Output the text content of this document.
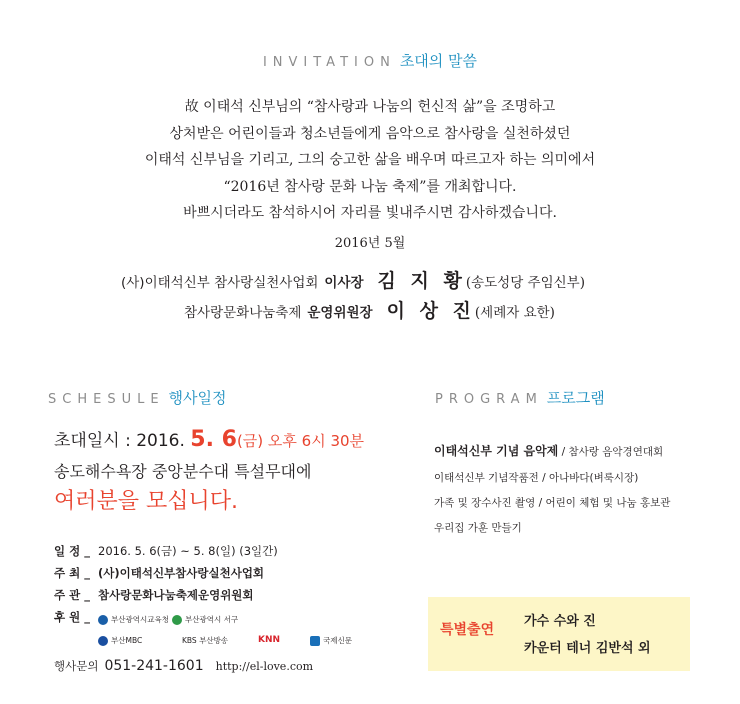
INVITATION 초대의 말씀
故 이태석 신부님의 “참사랑과 나눔의 헌신적 삶”을 조명하고
상처받은 어린이들과 청소년들에게 음악으로 참사랑을 실천하셨던
이태석 신부님을 기리고, 그의 숭고한 삶을 배우며 따르고자 하는 의미에서
“2016년 참사랑 문화 나눔 축제”를 개최합니다.
바쁘시더라도 참석하시어 자리를 빛내주시면 감사하겠습니다.
2016년 5월
(사)이태석신부 참사랑실천사업회 이사장 김 지 황(송도성당 주임신부)
참사랑문화나눔축제 운영위원장 이 상 진(세례자 요한)
SCHESULE 행사일정
초대일시 : 2016. 5. 6(금) 오후 6시 30분
송도해수욕장 중앙분수대 특설무대에
여러분을 모십니다.
일 정 _ 2016. 5. 6(금) ~ 5. 8(일) (3일간)
주 최 _ (사)이태석신부참사랑실천사업회
주 관 _ 참사랑문화나눔축제운영위원회
후 원 _	부산광역시교육청 부산광역시 서구
부산MBC	KBS 부산방송	KNN	국제신문
행사문의 051-241-1601 http://el-love.com
PROGRAM 프로그램
이태석신부 기념 음악제 / 참사랑 음악경연대회
이태석신부 기념작품전 / 아나바다(벼룩시장)
가족 및 장수사진 촬영 / 어린이 체험 및 나눔 홍보관
우리집 가훈 만들기
특별출연
가수 수와 진
카운터 테너 김반석 외
